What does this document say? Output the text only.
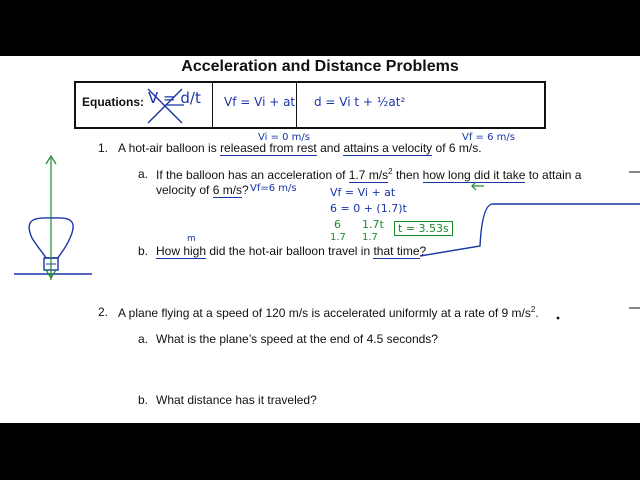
Acceleration and Distance Problems
Equations: V = d/t Vf = Vi + at d = Vi t + ½at²
1. A hot-air balloon is released from rest and attains a velocity of 6 m/s.
a. If the balloon has an acceleration of 1.7 $m/s^2$ then how long did it take to attain a
velocity of 6 m/s?
b. How high did the hot-air balloon travel in that time?
2. A plane flying at a speed of 120 m/s is accelerated uniformly at a rate of 9 $m/s^2$.
a. What is the plane’s speed at the end of 4.5 seconds?
b. What distance has it traveled?
Vi = 0 m/s	Vf = 6 m/s
Vf=6 m/s	Vf = Vi + at
6 = 0 + (1.7)t
6
1.7
1.7t
1.7
t = 3.53s
m
